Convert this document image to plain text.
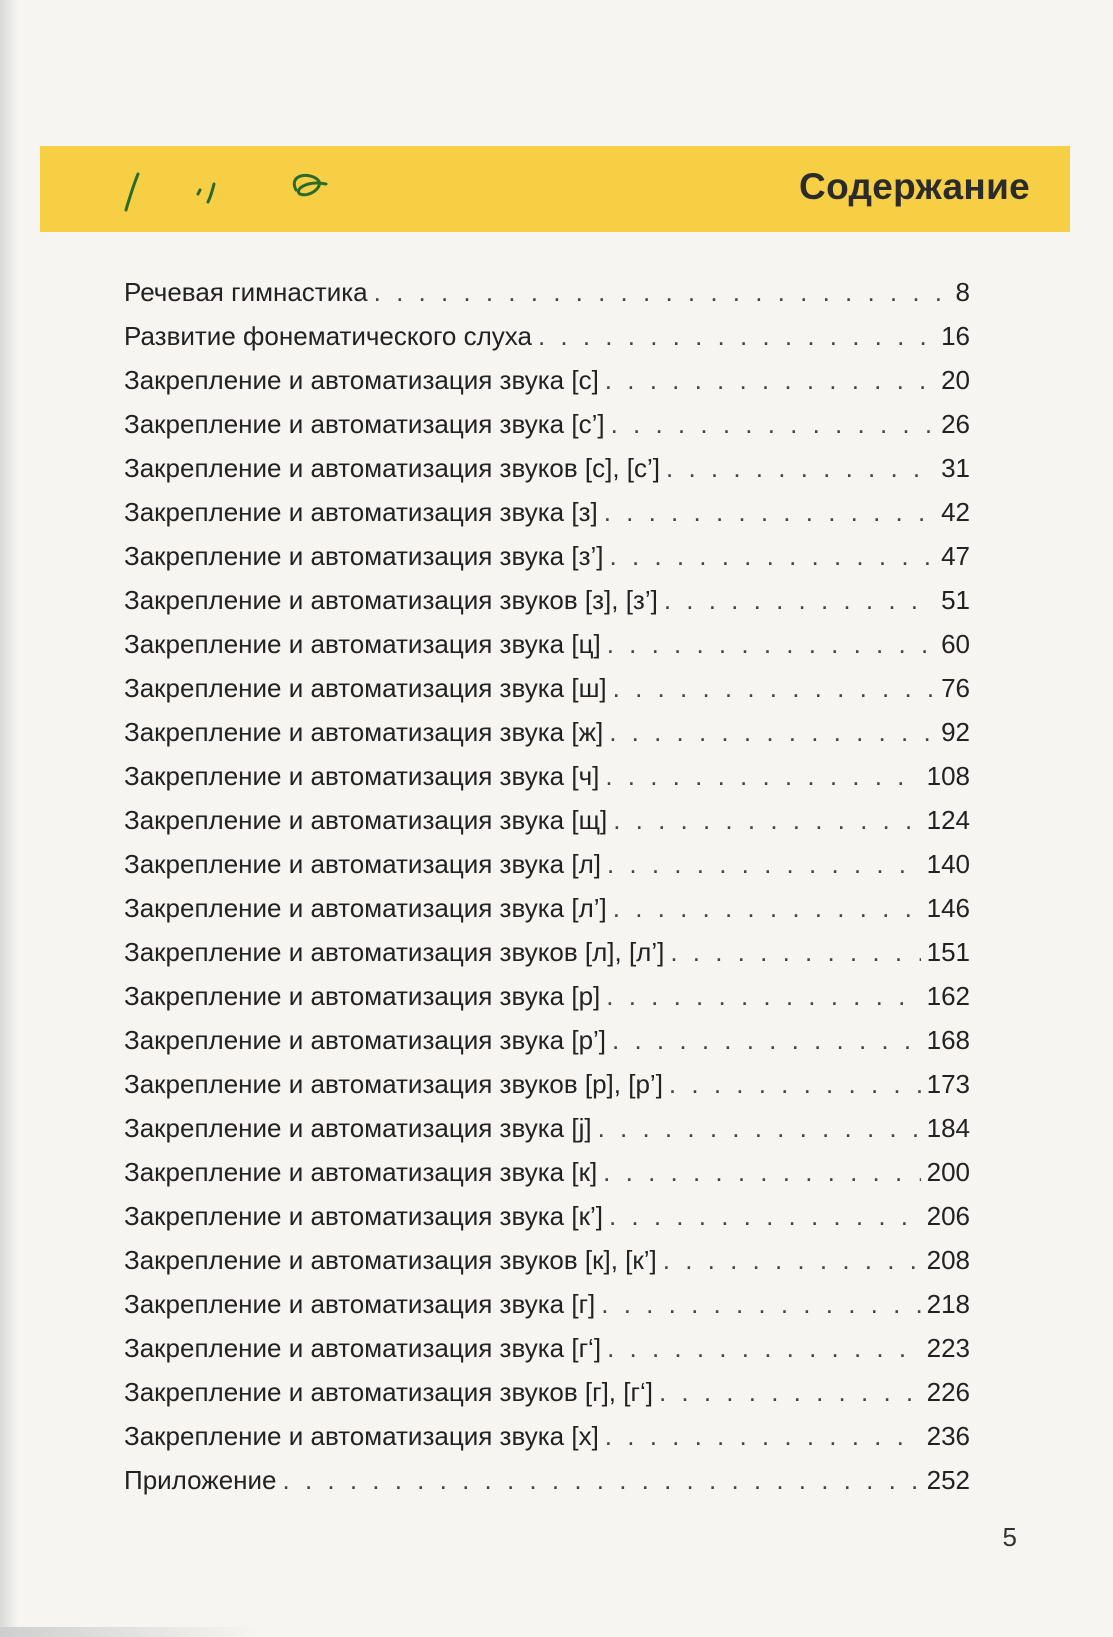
Содержание
Речевая гимнастика . . .	8
Развитие фонематического слуха . . .	16
Закрепление и автоматизация звука [с] . . .	20
Закрепление и автоматизация звука [с’] . . .	26
Закрепление и автоматизация звуков [с], [с’] . . .	31
Закрепление и автоматизация звука [з] . . .	42
Закрепление и автоматизация звука [з’] . . .	47
Закрепление и автоматизация звуков [з], [з’] . . .	51
Закрепление и автоматизация звука [ц] . . .	60
Закрепление и автоматизация звука [ш] . . .	76
Закрепление и автоматизация звука [ж] . . .	92
Закрепление и автоматизация звука [ч] . . .	108
Закрепление и автоматизация звука [щ] . . .	124
Закрепление и автоматизация звука [л] . . .	140
Закрепление и автоматизация звука [л’] . . .	146
Закрепление и автоматизация звуков [л], [л’] . . .	151
Закрепление и автоматизация звука [р] . . .	162
Закрепление и автоматизация звука [р’] . . .	168
Закрепление и автоматизация звуков [р], [р’] . . .	173
Закрепление и автоматизация звука [j] . . .	184
Закрепление и автоматизация звука [к] . . .	200
Закрепление и автоматизация звука [к’] . . .	206
Закрепление и автоматизация звуков [к], [к’] . . .	208
Закрепление и автоматизация звука [г] . . .	218
Закрепление и автоматизация звука [г‘] . . .	223
Закрепление и автоматизация звуков [г], [г‘] . . .	226
Закрепление и автоматизация звука [х] . . .	236
Приложение . . .	252
5
